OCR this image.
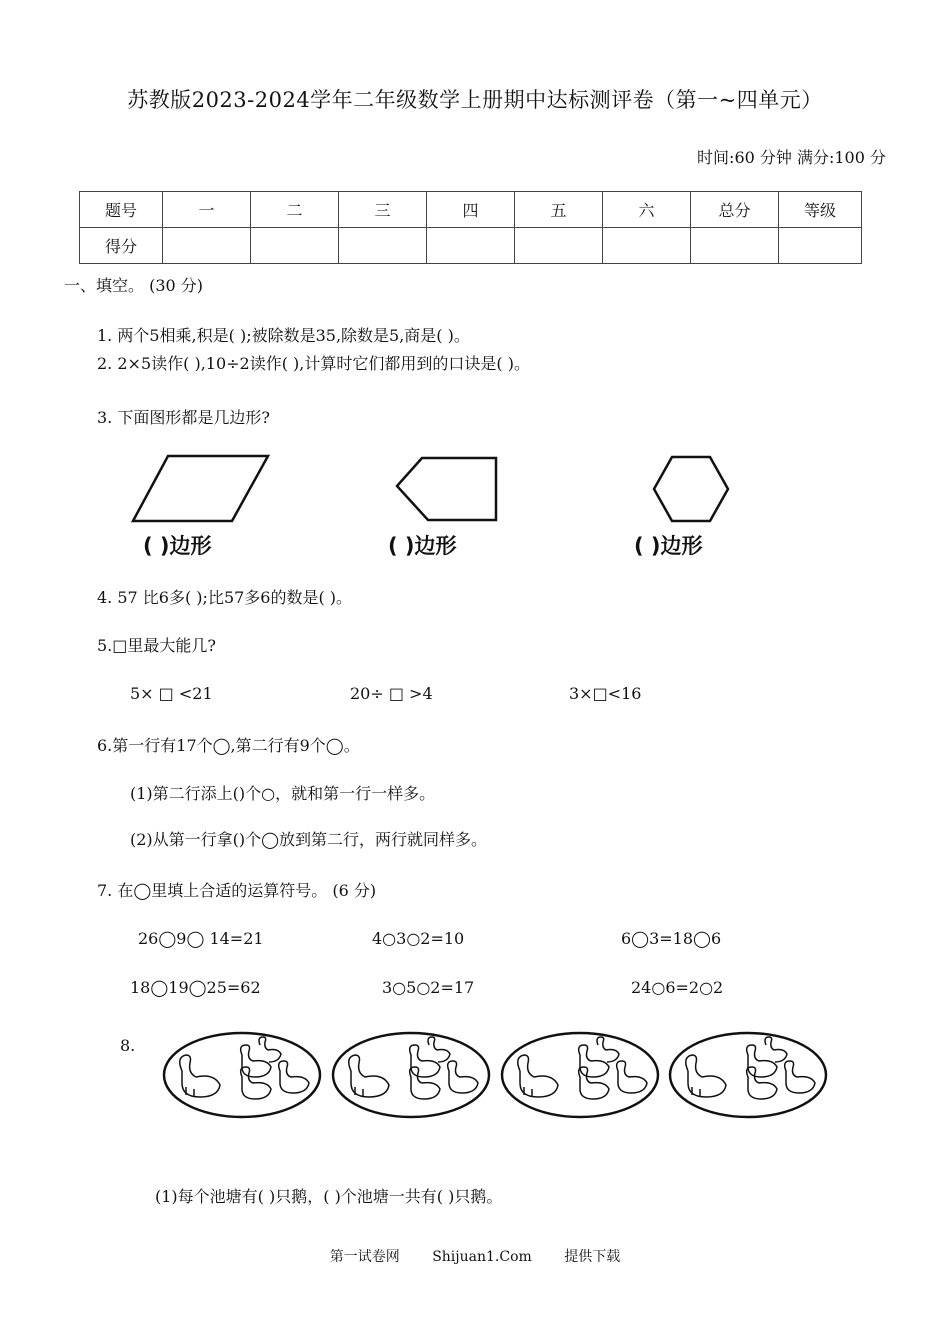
苏教版2023-2024学年二年级数学上册期中达标测评卷（第一~四单元）
时间:60 分钟 满分:100 分
题号	一	二	三	四	五	六	总分	等级
得分								
一、填空。 (30 分)
1. 两个5相乘,积是( );被除数是35,除数是5,商是( )。
2. 2×5读作( ),10÷2读作( ),计算时它们都用到的口诀是( )。
3. 下面图形都是几边形?
( )边形	( )边形	( )边形
4. 57 比6多( );比57多6的数是( )。
5.□里最大能几?
5× □ <21	20÷ □ >4	3×□<16
6.第一行有17个◯,第二行有9个◯。
(1)第二行添上()个○，就和第一行一样多。
(2)从第一行拿()个◯放到第二行，两行就同样多。
7. 在◯里填上合适的运算符号。 (6 分)
26◯9◯ 14=21	4○3○2=10	6◯3=18◯6
18◯19◯25=62	3○5○2=17	24○6=2○2
8.
(1)每个池塘有( )只鹅，( )个池塘一共有( )只鹅。
第一试卷网 Shijuan1.Com 提供下载
